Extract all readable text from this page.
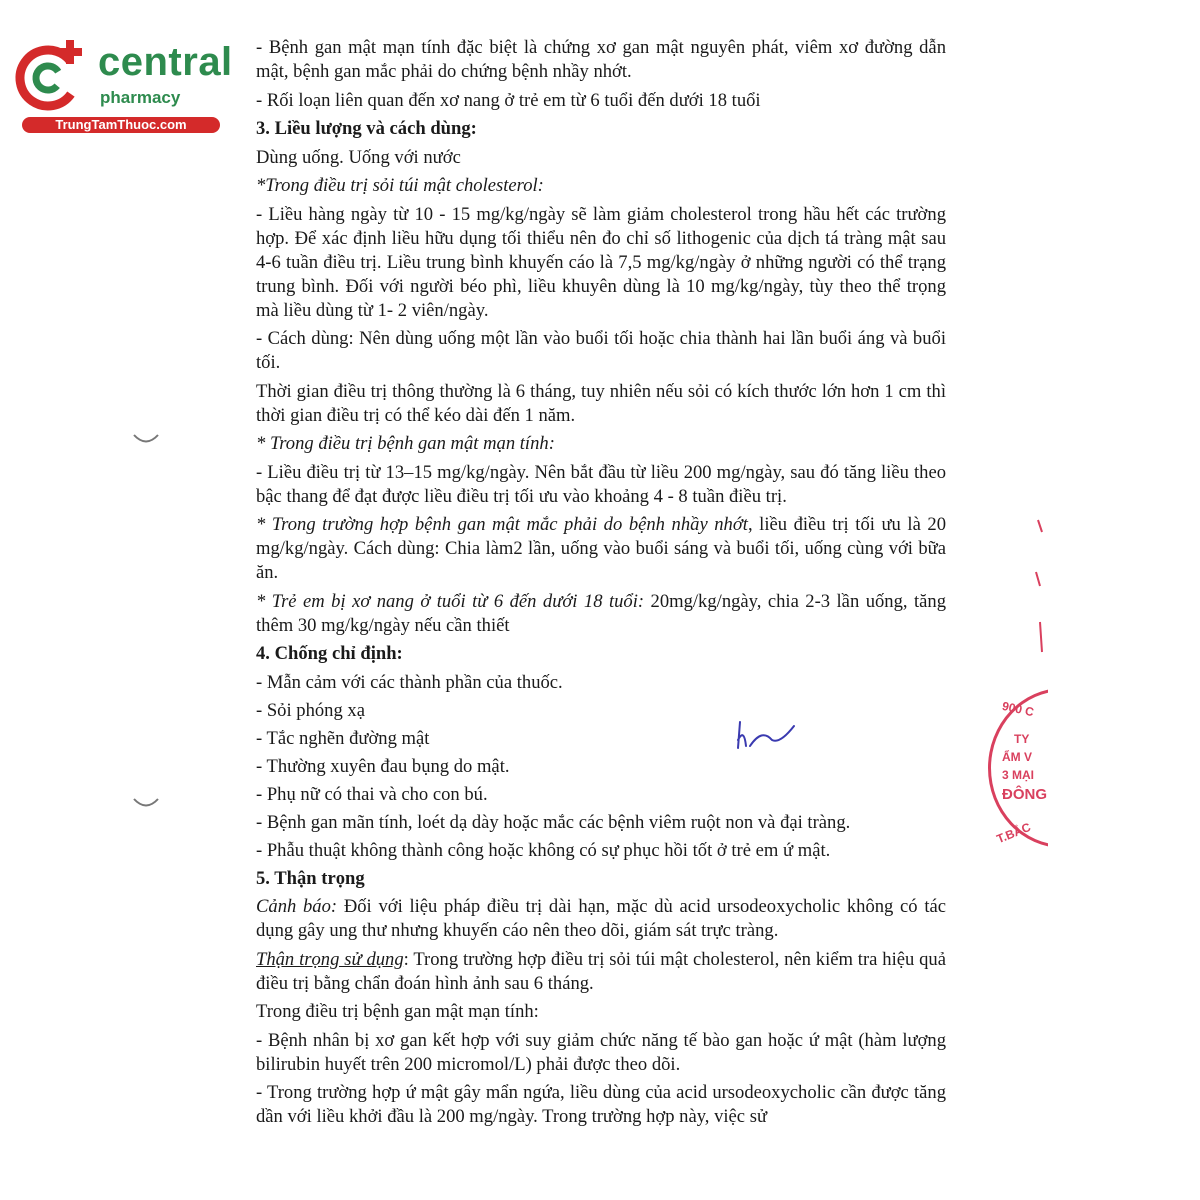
central
pharmacy
TrungTamThuoc.com

- Bệnh gan mật mạn tính đặc biệt là chứng xơ gan mật nguyên phát, viêm xơ đường dẫn mật, bệnh gan mắc phải do chứng bệnh nhầy nhớt.

- Rối loạn liên quan đến xơ nang ở trẻ em từ 6 tuổi đến dưới 18 tuổi

3. Liều lượng và cách dùng:

Dùng uống. Uống với nước

*Trong điều trị sỏi túi mật cholesterol:

- Liều hàng ngày từ 10 - 15 mg/kg/ngày sẽ làm giảm cholesterol trong hầu hết các trường hợp. Để xác định liều hữu dụng tối thiểu nên đo chỉ số lithogenic của dịch tá tràng mật sau 4-6 tuần điều trị. Liều trung bình khuyến cáo là 7,5 mg/kg/ngày ở những người có thể trạng trung bình. Đối với người béo phì, liều khuyên dùng là 10 mg/kg/ngày, tùy theo thể trọng mà liều dùng từ 1- 2 viên/ngày.

- Cách dùng: Nên dùng uống một lần vào buổi tối hoặc chia thành hai lần buổi áng và buổi tối.

Thời gian điều trị thông thường là 6 tháng, tuy nhiên nếu sỏi có kích thước lớn hơn 1 cm thì thời gian điều trị có thể kéo dài đến 1 năm.

* Trong điều trị bệnh gan mật mạn tính:

- Liều điều trị từ 13–15 mg/kg/ngày. Nên bắt đầu từ liều 200 mg/ngày, sau đó tăng liều theo bậc thang để đạt được liều điều trị tối ưu vào khoảng 4 - 8 tuần điều trị.

* Trong trường hợp bệnh gan mật mắc phải do bệnh nhầy nhớt, liều điều trị tối ưu là 20 mg/kg/ngày. Cách dùng: Chia làm2 lần, uống vào buổi sáng và buổi tối, uống cùng với bữa ăn.

* Trẻ em bị xơ nang ở tuổi từ 6 đến dưới 18 tuổi: 20mg/kg/ngày, chia 2-3 lần uống, tăng thêm 30 mg/kg/ngày nếu cần thiết

4. Chống chỉ định:

- Mẫn cảm với các thành phần của thuốc.

- Sỏi phóng xạ

- Tắc nghẽn đường mật

- Thường xuyên đau bụng do mật.

- Phụ nữ có thai và cho con bú.

- Bệnh gan mãn tính, loét dạ dày hoặc mắc các bệnh viêm ruột non và đại tràng.

- Phẫu thuật không thành công hoặc không có sự phục hồi tốt ở trẻ em ứ mật.

5. Thận trọng

Cảnh báo: Đối với liệu pháp điều trị dài hạn, mặc dù acid ursodeoxycholic không có tác dụng gây ung thư nhưng khuyến cáo nên theo dõi, giám sát trực tràng.

Thận trọng sử dụng: Trong trường hợp điều trị sỏi túi mật cholesterol, nên kiểm tra hiệu quả điều trị bằng chẩn đoán hình ảnh sau 6 tháng.

Trong điều trị bệnh gan mật mạn tính:

- Bệnh nhân bị xơ gan kết hợp với suy giảm chức năng tế bào gan hoặc ứ mật (hàm lượng bilirubin huyết trên 200 micromol/L) phải được theo dõi.

- Trong trường hợp ứ mật gây mẩn ngứa, liều dùng của acid ursodeoxycholic cần được tăng dần với liều khởi đầu là 200 mg/ngày. Trong trường hợp này, việc sử

900 C
TY
ẨM V
3 MẠI
ĐÔNG
T.BẮC
